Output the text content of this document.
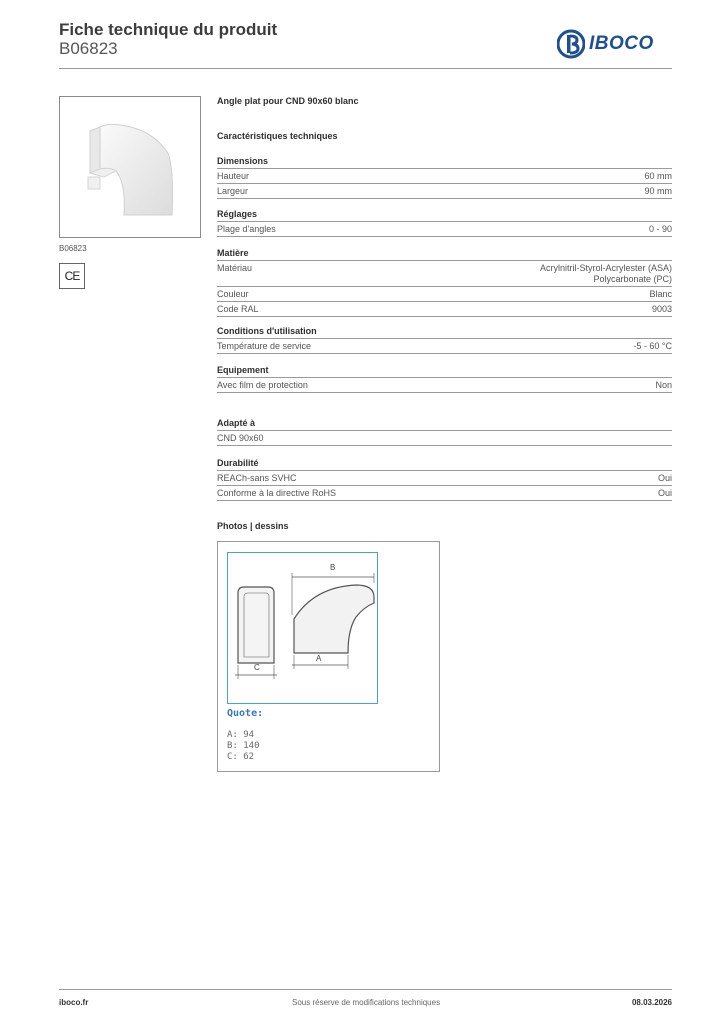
Fiche technique du produit
B06823	IBOCO
B06823
CE
Angle plat pour CND 90x60 blanc
Caractéristiques techniques
Dimensions
Hauteur	60 mm
Largeur	90 mm
Réglages
Plage d'angles	0 - 90
Matière
Matériau	Acrylnitril-Styrol-Acrylester (ASA)
Polycarbonate (PC)
Couleur	Blanc
Code RAL	9003
Conditions d'utilisation
Température de service	-5 - 60 °C
Equipement
Avec film de protection	Non
Adapté à
CND 90x60
Durabilité
REACh-sans SVHC	Oui
Conforme à la directive RoHS	Oui
Photos | dessins
C
B
A
Quote:
A: 94
B: 140
C: 62
iboco.fr	Sous réserve de modifications techniques	08.03.2026
